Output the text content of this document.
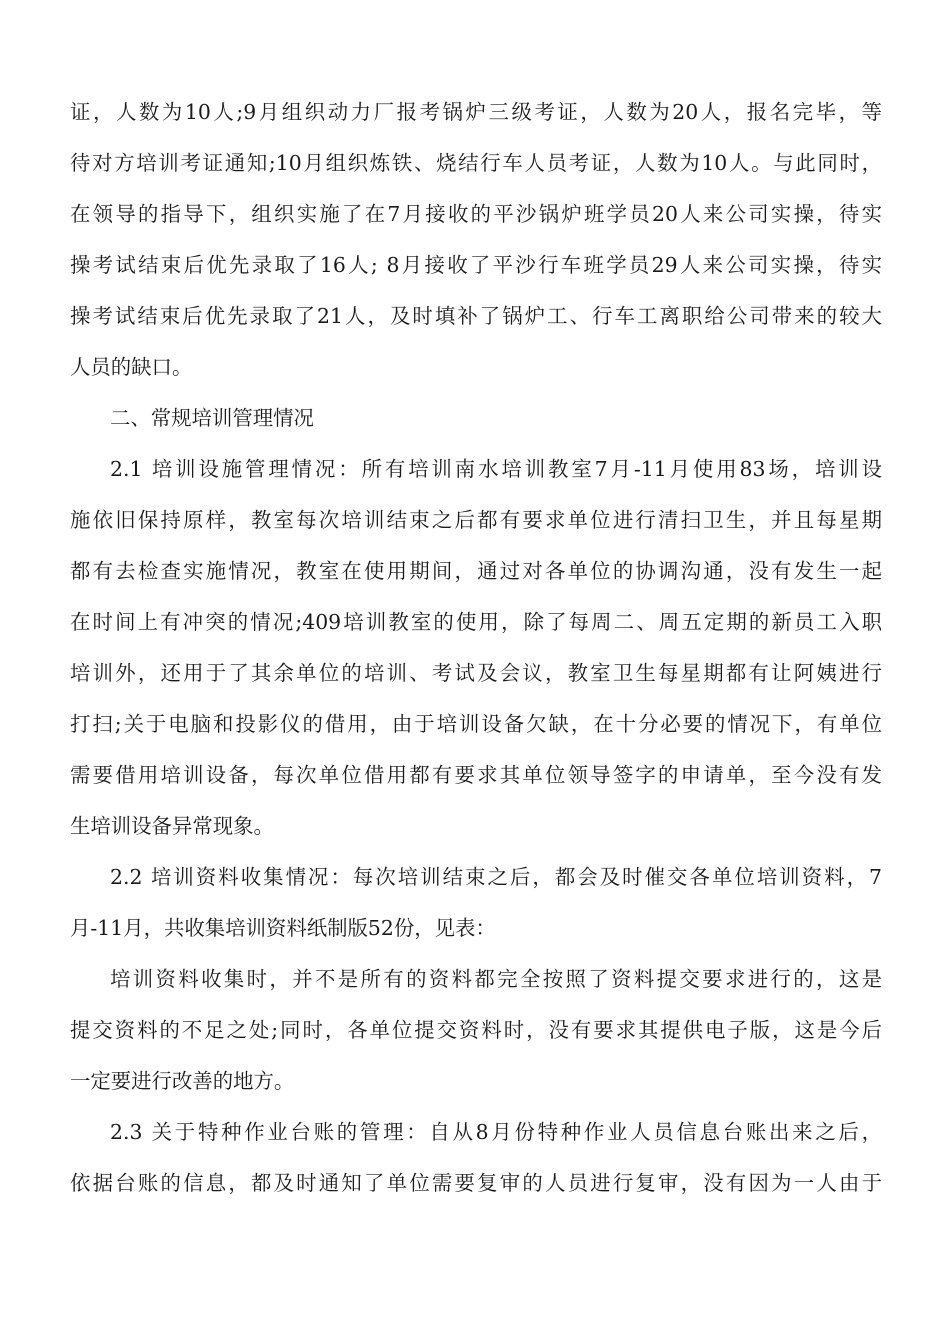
证，人数为10人;9月组织动力厂报考锅炉三级考证，人数为20人，报名完毕，等
待对方培训考证通知;10月组织炼铁、烧结行车人员考证，人数为10人。与此同时，
在领导的指导下，组织实施了在7月接收的平沙锅炉班学员20人来公司实操，待实
操考试结束后优先录取了16人; 8月接收了平沙行车班学员29人来公司实操，待实
操考试结束后优先录取了21人，及时填补了锅炉工、行车工离职给公司带来的较大
人员的缺口。
二、常规培训管理情况
2.1 培训设施管理情况：所有培训南水培训教室7月-11月使用83场，培训设
施依旧保持原样，教室每次培训结束之后都有要求单位进行清扫卫生，并且每星期
都有去检查实施情况，教室在使用期间，通过对各单位的协调沟通，没有发生一起
在时间上有冲突的情况;409培训教室的使用，除了每周二、周五定期的新员工入职
培训外，还用于了其余单位的培训、考试及会议，教室卫生每星期都有让阿姨进行
打扫;关于电脑和投影仪的借用，由于培训设备欠缺，在十分必要的情况下，有单位
需要借用培训设备，每次单位借用都有要求其单位领导签字的申请单，至今没有发
生培训设备异常现象。
2.2 培训资料收集情况：每次培训结束之后，都会及时催交各单位培训资料，7
月-11月，共收集培训资料纸制版52份，见表：
培训资料收集时，并不是所有的资料都完全按照了资料提交要求进行的，这是
提交资料的不足之处;同时，各单位提交资料时，没有要求其提供电子版，这是今后
一定要进行改善的地方。
2.3 关于特种作业台账的管理：自从8月份特种作业人员信息台账出来之后，
依据台账的信息，都及时通知了单位需要复审的人员进行复审，没有因为一人由于
